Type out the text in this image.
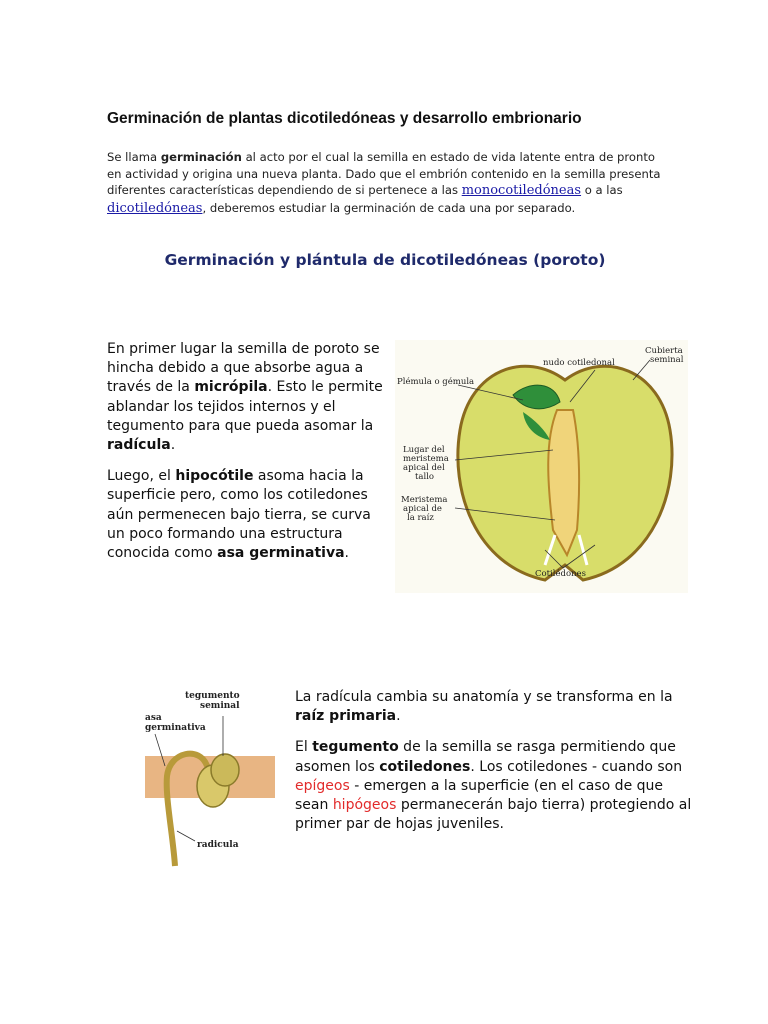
Germinación de plantas dicotiledóneas y desarrollo embrionario
Se llama germinación al acto por el cual la semilla en estado de vida latente entra de pronto en actividad y origina una nueva planta. Dado que el embrión contenido en la semilla presenta diferentes características dependiendo de si pertenece a las monocotiledóneas o a las dicotiledóneas, deberemos estudiar la germinación de cada una por separado.
Germinación y plántula de dicotiledóneas (poroto)

En primer lugar la semilla de poroto se hincha debido a que absorbe agua a través de la micrópila. Esto le permite ablandar los tejidos internos y el tegumento para que pueda asomar la radícula.

Luego, el hipocótile asoma hacia la superficie pero, como los cotiledones aún permenecen bajo tierra, se curva un poco formando una estructura conocida como asa germinativa.

nudo cotiledonal
Cubierta
seminal
Plémula o gémula
Lugar del
meristema
apical del
tallo
Meristema
apical de
la raíz
Cotilédones
tegumento
seminal
asa
germinativa
radicula

La radícula cambia su anatomía y se transforma en la raíz primaria.

El tegumento de la semilla se rasga permitiendo que asomen los cotiledones. Los cotiledones - cuando son epígeos - emergen a la superficie (en el caso de que sean hipógeos permanecerán bajo tierra) protegiendo al primer par de hojas juveniles.
